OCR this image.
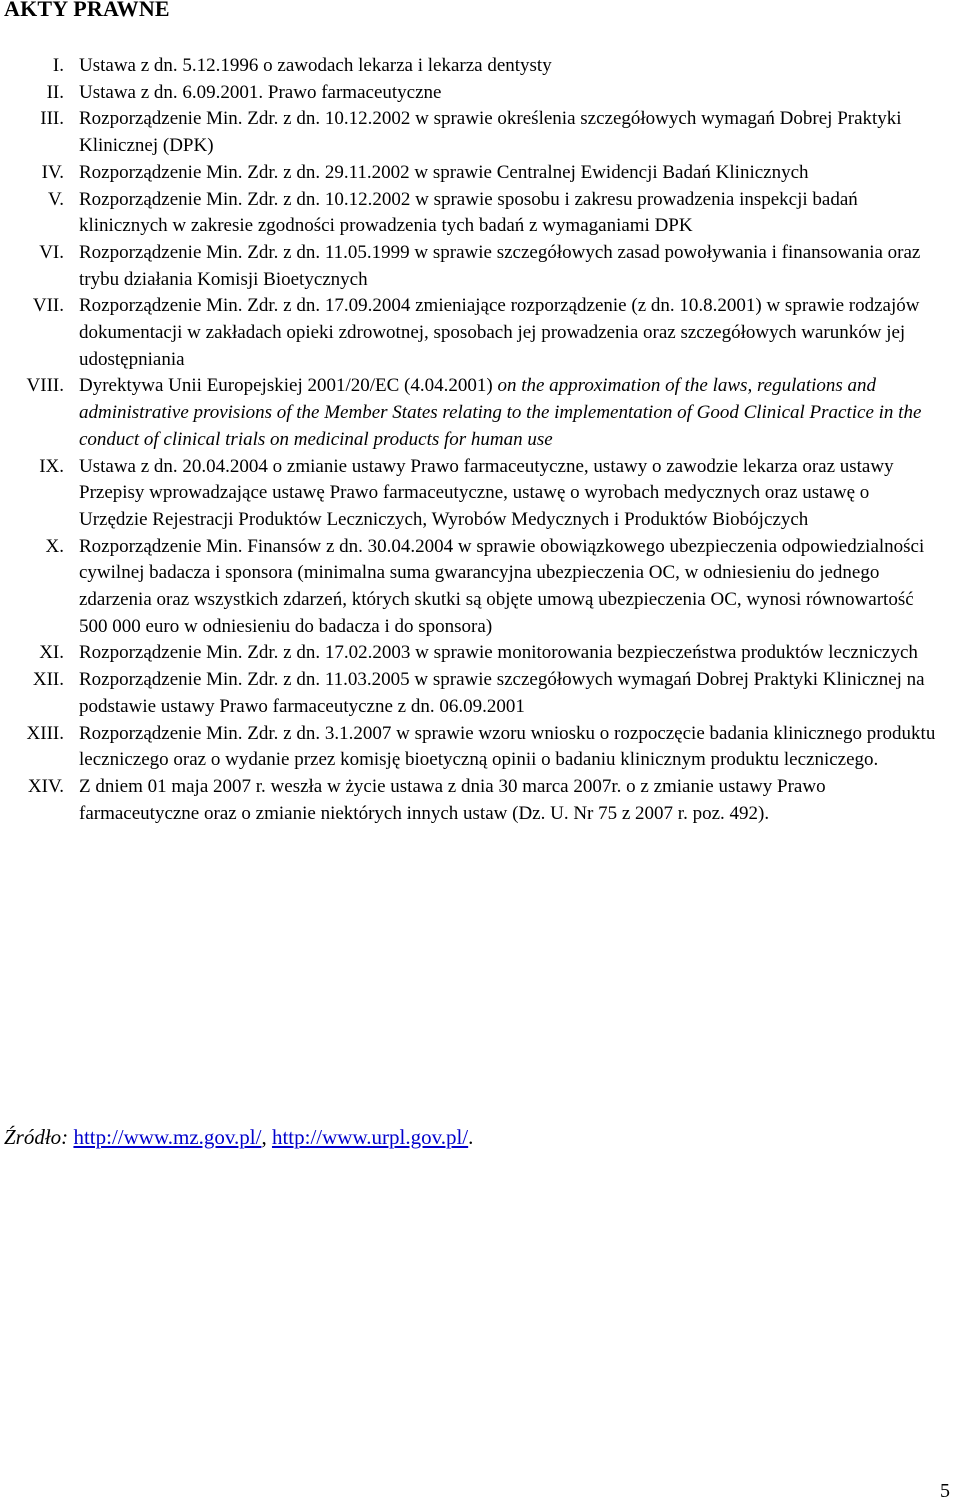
AKTY PRAWNE
I. Ustawa z dn. 5.12.1996 o zawodach lekarza i lekarza dentysty
II. Ustawa z dn. 6.09.2001. Prawo farmaceutyczne
III. Rozporządzenie Min. Zdr. z dn. 10.12.2002 w sprawie określenia szczegółowych wymagań Dobrej Praktyki Klinicznej (DPK)
IV. Rozporządzenie Min. Zdr. z dn. 29.11.2002 w sprawie Centralnej Ewidencji Badań Klinicznych
V. Rozporządzenie Min. Zdr. z dn. 10.12.2002 w sprawie sposobu i zakresu prowadzenia inspekcji badań klinicznych w zakresie zgodności prowadzenia tych badań z wymaganiami DPK
VI. Rozporządzenie Min. Zdr. z dn. 11.05.1999 w sprawie szczegółowych zasad powoływania i finansowania oraz trybu działania Komisji Bioetycznych
VII. Rozporządzenie Min. Zdr. z dn. 17.09.2004 zmieniające rozporządzenie (z dn. 10.8.2001) w sprawie rodzajów dokumentacji w zakładach opieki zdrowotnej, sposobach jej prowadzenia oraz szczegółowych warunków jej udostępniania
VIII. Dyrektywa Unii Europejskiej 2001/20/EC (4.04.2001) on the approximation of the laws, regulations and administrative provisions of the Member States relating to the implementation of Good Clinical Practice in the conduct of clinical trials on medicinal products for human use
IX. Ustawa z dn. 20.04.2004 o zmianie ustawy Prawo farmaceutyczne, ustawy o zawodzie lekarza oraz ustawy Przepisy wprowadzające ustawę Prawo farmaceutyczne, ustawę o wyrobach medycznych oraz ustawę o Urzędzie Rejestracji Produktów Leczniczych, Wyrobów Medycznych i Produktów Biobójczych
X. Rozporządzenie Min. Finansów z dn. 30.04.2004 w sprawie obowiązkowego ubezpieczenia odpowiedzialności cywilnej badacza i sponsora (minimalna suma gwarancyjna ubezpieczenia OC, w odniesieniu do jednego zdarzenia oraz wszystkich zdarzeń, których skutki są objęte umową ubezpieczenia OC, wynosi równowartość 500 000 euro w odniesieniu do badacza i do sponsora)
XI. Rozporządzenie Min. Zdr. z dn. 17.02.2003 w sprawie monitorowania bezpieczeństwa produktów leczniczych
XII. Rozporządzenie Min. Zdr. z dn. 11.03.2005 w sprawie szczegółowych wymagań Dobrej Praktyki Klinicznej na podstawie ustawy Prawo farmaceutyczne z dn. 06.09.2001
XIII. Rozporządzenie Min. Zdr. z dn. 3.1.2007 w sprawie wzoru wniosku o rozpoczęcie badania klinicznego produktu leczniczego oraz o wydanie przez komisję bioetyczną opinii o badaniu klinicznym produktu leczniczego.
XIV. Z dniem 01 maja 2007 r. weszła w życie ustawa z dnia 30 marca 2007r. o z zmianie ustawy Prawo farmaceutyczne oraz o zmianie niektórych innych ustaw (Dz. U. Nr 75 z 2007 r. poz. 492).

Źródło: http://www.mz.gov.pl/, http://www.urpl.gov.pl/.

5
